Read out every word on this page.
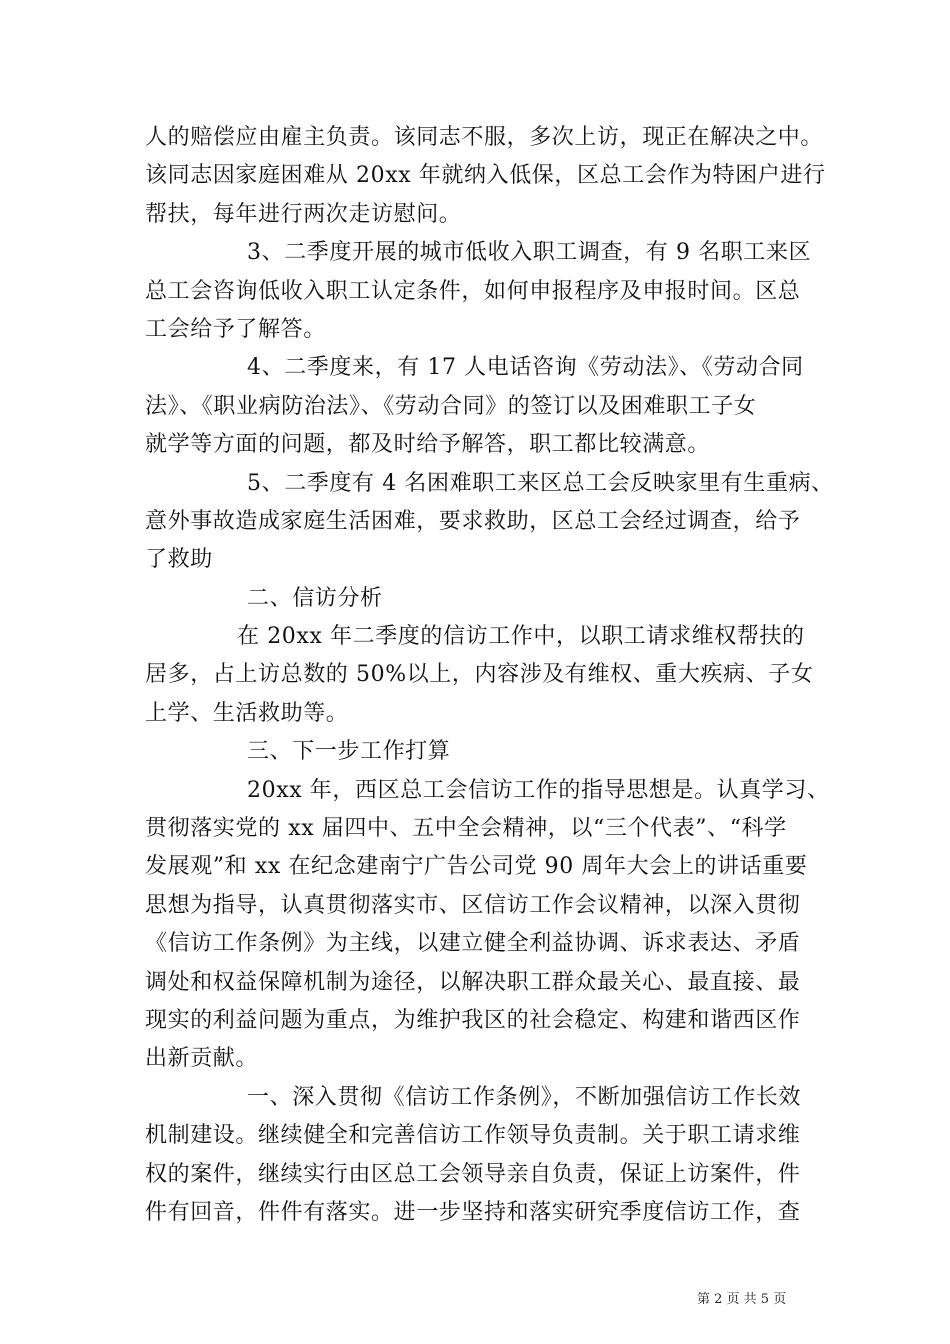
人的赔偿应由雇主负责。该同志不服，多次上访，现正在解决之中。
该同志因家庭困难从 20xx 年就纳入低保，区总工会作为特困户进行
帮扶，每年进行两次走访慰问。
3、二季度开展的城市低收入职工调查，有 9 名职工来区
总工会咨询低收入职工认定条件，如何申报程序及申报时间。区总
工会给予了解答。
4、二季度来，有 17 人电话咨询《劳动法》、《劳动合同
法》、《职业病防治法》、《劳动合同》的签订以及困难职工子女
就学等方面的问题，都及时给予解答，职工都比较满意。
5、二季度有 4 名困难职工来区总工会反映家里有生重病、
意外事故造成家庭生活困难，要求救助，区总工会经过调查，给予
了救助
二、信访分析
在 20xx 年二季度的信访工作中，以职工请求维权帮扶的
居多，占上访总数的 50%以上，内容涉及有维权、重大疾病、子女
上学、生活救助等。
三、下一步工作打算
20xx 年，西区总工会信访工作的指导思想是。认真学习、
贯彻落实党的 xx 届四中、五中全会精神，以“三个代表”、“科学
发展观”和 xx 在纪念建南宁广告公司党 90 周年大会上的讲话重要
思想为指导，认真贯彻落实市、区信访工作会议精神，以深入贯彻
《信访工作条例》为主线，以建立健全利益协调、诉求表达、矛盾
调处和权益保障机制为途径，以解决职工群众最关心、最直接、最
现实的利益问题为重点，为维护我区的社会稳定、构建和谐西区作
出新贡献。
一、深入贯彻《信访工作条例》，不断加强信访工作长效
机制建设。继续健全和完善信访工作领导负责制。关于职工请求维
权的案件，继续实行由区总工会领导亲自负责，保证上访案件，件
件有回音，件件有落实。进一步坚持和落实研究季度信访工作，查
第 2 页 共 5 页
